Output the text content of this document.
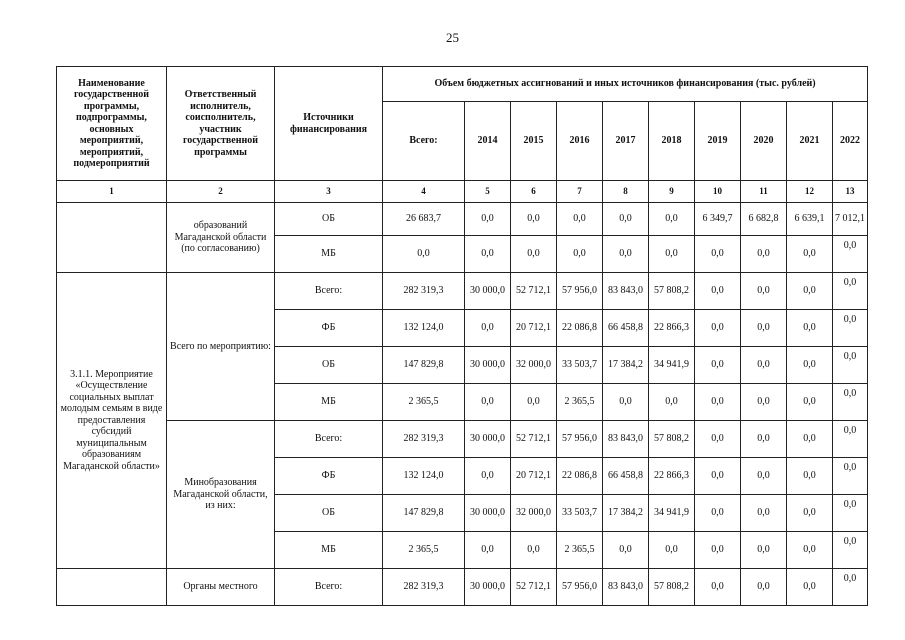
25
Наименование государственной программы, подпрограммы, основных мероприятий, мероприятий, подмероприятий	Ответственный исполнитель, соисполнитель, участник государственной программы	Источники финансирования	Объем бюджетных ассигнований и иных источников финансирования (тыс. рублей)									
			Всего:	2014	2015	2016	2017	2018	2019	2020	2021	2022
1	2	3	4	5	6	7	8	9	10	11	12	13
	образований Магаданской области (по согласованию)	ОБ	26 683,7	0,0	0,0	0,0	0,0	0,0	6 349,7	6 682,8	6 639,1	7 012,1
		МБ	0,0	0,0	0,0	0,0	0,0	0,0	0,0	0,0	0,0	0,0
3.1.1. Мероприятие «Осуществление социальных выплат молодым семьям в виде предоставления субсидий муниципальным образованиям Магаданской области»	Всего по мероприятию:	Всего:	282 319,3	30 000,0	52 712,1	57 956,0	83 843,0	57 808,2	0,0	0,0	0,0	0,0
		ФБ	132 124,0	0,0	20 712,1	22 086,8	66 458,8	22 866,3	0,0	0,0	0,0	0,0
		ОБ	147 829,8	30 000,0	32 000,0	33 503,7	17 384,2	34 941,9	0,0	0,0	0,0	0,0
		МБ	2 365,5	0,0	0,0	2 365,5	0,0	0,0	0,0	0,0	0,0	0,0
	Минобразования Магаданской области, из них:	Всего:	282 319,3	30 000,0	52 712,1	57 956,0	83 843,0	57 808,2	0,0	0,0	0,0	0,0
		ФБ	132 124,0	0,0	20 712,1	22 086,8	66 458,8	22 866,3	0,0	0,0	0,0	0,0
		ОБ	147 829,8	30 000,0	32 000,0	33 503,7	17 384,2	34 941,9	0,0	0,0	0,0	0,0
		МБ	2 365,5	0,0	0,0	2 365,5	0,0	0,0	0,0	0,0	0,0	0,0
	Органы местного	Всего:	282 319,3	30 000,0	52 712,1	57 956,0	83 843,0	57 808,2	0,0	0,0	0,0	0,0
